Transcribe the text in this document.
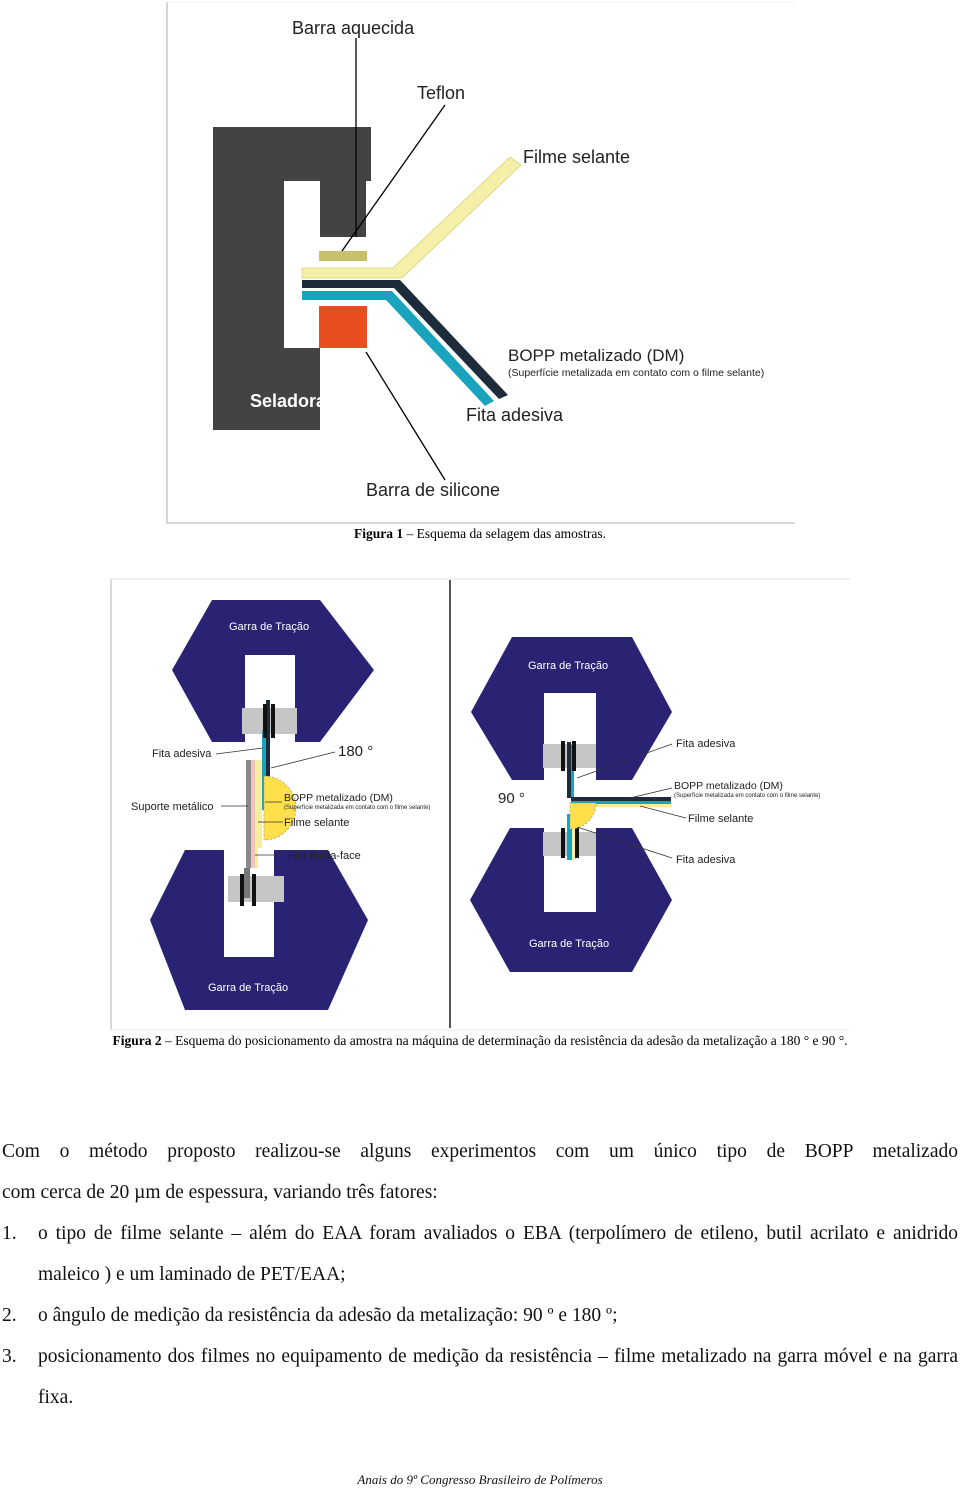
Barra aquecida
Teflon
Filme selante
BOPP metalizado (DM)
(Superfície metalizada em contato com o filme selante)
Fita adesiva
Seladora
Barra de silicone
Figura 1 – Esquema da selagem das amostras.
Garra de Tração
Garra de Tração
180 °
Fita adesiva
Suporte metálico
BOPP metalizado (DM)
(Superfície metalizada em contato com o filme selante)
Filme selante
Fita dupla-face
Garra de Tração
Garra de Tração
90 °
Fita adesiva
BOPP metalizado (DM)
(Superfície metalizada em contato com o filme selante)
Filme selante
Fita adesiva
Figura 2 – Esquema do posicionamento da amostra na máquina de determinação da resistência da adesão da metalização a 180 ° e 90 °.

Com o método proposto realizou-se alguns experimentos com um único tipo de BOPP metalizado

com cerca de 20 µm de espessura, variando três fatores:

1. o tipo de filme selante – além do EAA foram avaliados o EBA (terpolímero de etileno, butil acrilato e anidrido maleico ) e um laminado de PET/EAA;
2. o ângulo de medição da resistência da adesão da metalização: 90 º e 180 º;
3. posicionamento dos filmes no equipamento de medição da resistência – filme metalizado na garra móvel e na garra fixa.
Anais do 9º Congresso Brasileiro de Polímeros
